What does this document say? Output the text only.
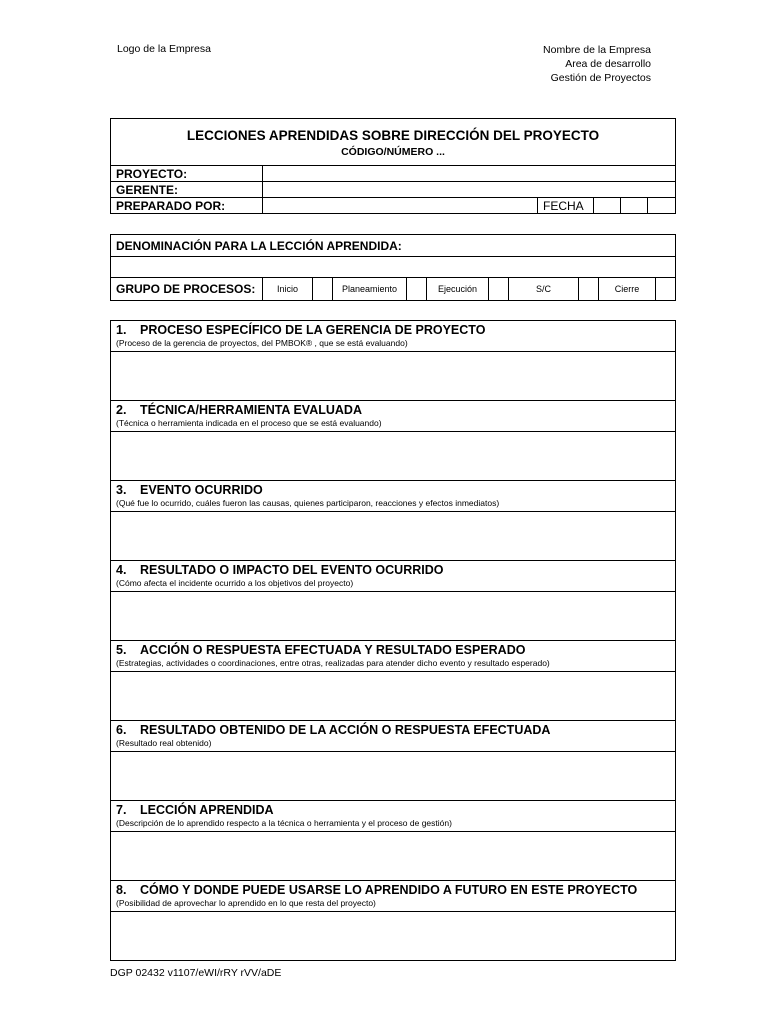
Logo de la Empresa	Nombre de la Empresa
Area de desarrollo
Gestión de Proyectos
LECCIONES APRENDIDAS SOBRE DIRECCIÓN DEL PROYECTO
CÓDIGO/NÚMERO ...					

PROYECTO:					
GERENTE:					
PREPARADO POR:		FECHA			
DENOMINACIÓN PARA LA LECCIÓN APRENDIDA:

GRUPO DE PROCESOS:	Inicio		Planeamiento		Ejecución		S/C		Cierre	
1. PROCESO ESPECÍFICO DE LA GERENCIA DE PROYECTO
(Proceso de la gerencia de proyectos, del PMBOK® , que se está evaluando)

2. TÉCNICA/HERRAMIENTA EVALUADA
(Técnica o herramienta indicada en el proceso que se está evaluando)

3. EVENTO OCURRIDO
(Qué fue lo ocurrido, cuáles fueron las causas, quienes participaron, reacciones y efectos inmediatos)

4. RESULTADO O IMPACTO DEL EVENTO OCURRIDO
(Cómo afecta el incidente ocurrido a los objetivos del proyecto)

5. ACCIÓN O RESPUESTA EFECTUADA Y RESULTADO ESPERADO
(Estrategias, actividades o coordinaciones, entre otras, realizadas para atender dicho evento y resultado esperado)

6. RESULTADO OBTENIDO DE LA ACCIÓN O RESPUESTA EFECTUADA
(Resultado real obtenido)

7. LECCIÓN APRENDIDA
(Descripción de lo aprendido respecto a la técnica o herramienta y el proceso de gestión)

8. CÓMO Y DONDE PUEDE USARSE LO APRENDIDO A FUTURO EN ESTE PROYECTO
(Posibilidad de aprovechar lo aprendido en lo que resta del proyecto)

DGP 02432 v1107/eWI/rRY rVV/aDE
